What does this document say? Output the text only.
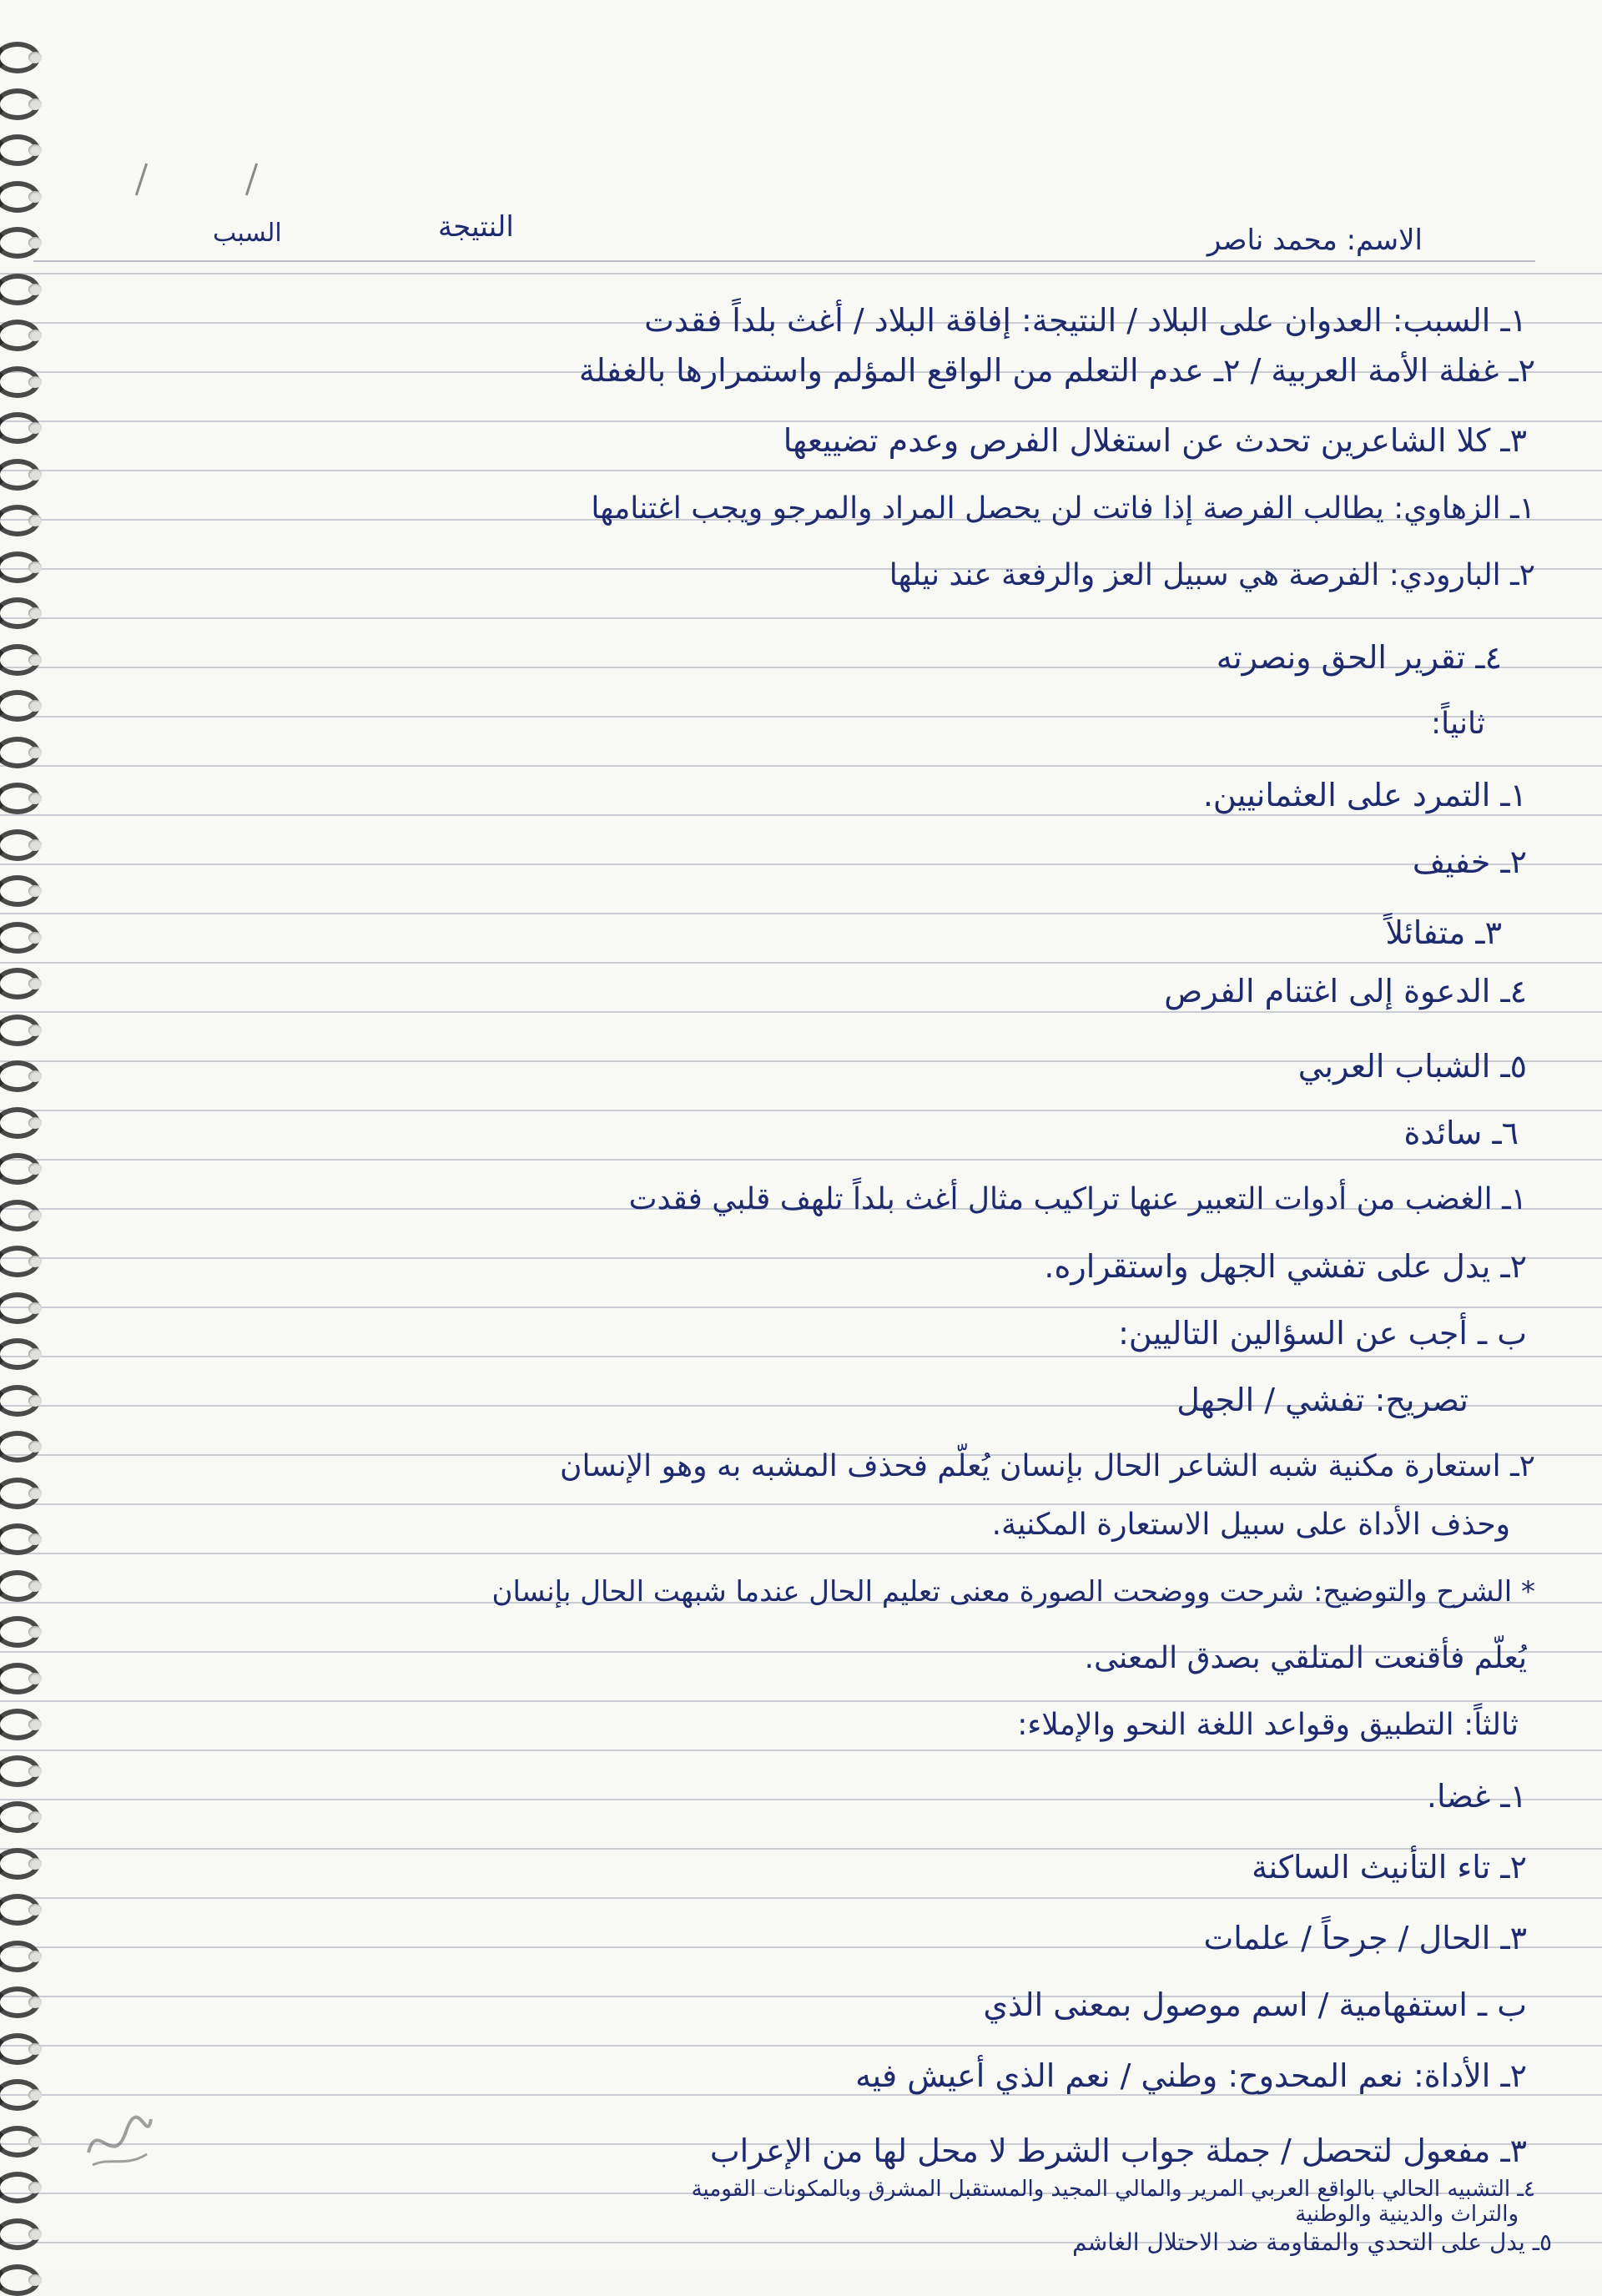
الاسم: محمد ناصر
النتيجة
السبب
١ـ السبب: العدوان على البلاد / النتيجة: إفاقة البلاد / أغث بلداً فقدت
٢ـ غفلة الأمة العربية / ٢ـ عدم التعلم من الواقع المؤلم واستمرارها بالغفلة
٣ـ كلا الشاعرين تحدث عن استغلال الفرص وعدم تضييعها
١ـ الزهاوي: يطالب الفرصة إذا فاتت لن يحصل المراد والمرجو ويجب اغتنامها
٢ـ البارودي: الفرصة هي سبيل العز والرفعة عند نيلها
٤ـ تقرير الحق ونصرته
ثانياً:
١ـ التمرد على العثمانيين.
٢ـ خفيف
٣ـ متفائلاً
٤ـ الدعوة إلى اغتنام الفرص
٥ـ الشباب العربي
٦ـ سائدة
١ـ الغضب من أدوات التعبير عنها تراكيب مثال أغث بلداً تلهف قلبي فقدت
٢ـ يدل على تفشي الجهل واستقراره.
ب ـ أجب عن السؤالين التاليين:
تصريح: تفشي / الجهل
٢ـ استعارة مكنية شبه الشاعر الحال بإنسان يُعلَّم فحذف المشبه به وهو الإنسان
وحذف الأداة على سبيل الاستعارة المكنية.
* الشرح والتوضيح: شرحت ووضحت الصورة معنى تعليم الحال عندما شبهت الحال بإنسان
يُعلَّم فأقنعت المتلقي بصدق المعنى.
ثالثاً: التطبيق وقواعد اللغة النحو والإملاء:
١ـ غضا.
٢ـ تاء التأنيث الساكنة
٣ـ الحال / جرحاً / علمات
ب ـ استفهامية / اسم موصول بمعنى الذي
٢ـ الأداة: نعم المحدوح: وطني / نعم الذي أعيش فيه
٣ـ مفعول لتحصل / جملة جواب الشرط لا محل لها من الإعراب
٤ـ التشبيه الحالي بالواقع العربي المرير والمالي المجيد والمستقبل المشرق وبالمكونات القومية
والتراث والدينية والوطنية
٥ـ يدل على التحدي والمقاومة ضد الاحتلال الغاشم
